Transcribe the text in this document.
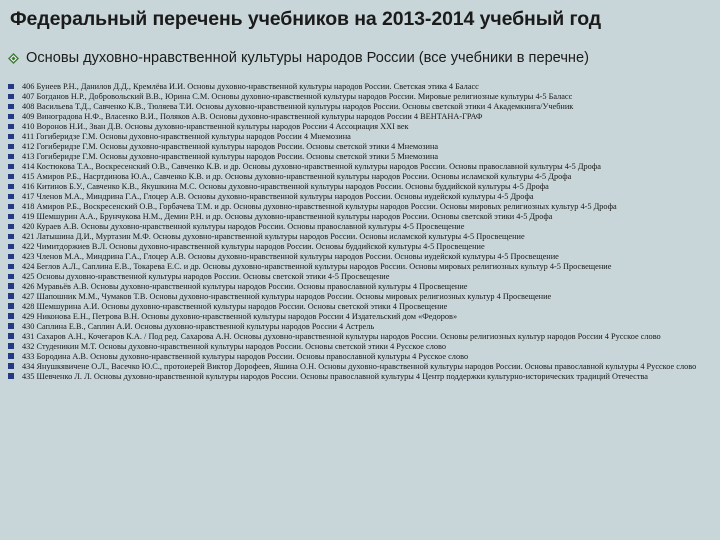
Федеральный перечень учебников на 2013-2014 учебный год
Основы духовно-нравственной культуры народов России (все учебники в перечне)
406 Бунеев Р.Н., Данилов Д.Д., Кремлёва И.И. Основы духовно-нравственной культуры народов России. Светская этика 4 Баласс
407 Богданов Н.Р., Добровольский В.В., Юрина С.М. Основы духовно-нравственной культуры народов России. Мировые религиозные культуры 4-5 Баласс
408 Васильева Т.Д., Савченко К.В., Тюляева Т.И. Основы духовно-нравственной культуры народов России. Основы светской этики 4 Академкнига/Учебник
409 Виноградова Н.Ф., Власенко В.И., Поляков А.В. Основы духовно-нравственной культуры народов России 4 ВЕНТАНА-ГРАФ
410 Воронов Н.И., Зван Д.В. Основы духовно-нравственной культуры народов России 4 Ассоциация XXI век
411 Гогиберидзе Г.М. Основы духовно-нравственной культуры народов России 4 Мнемозина
412 Гогиберидзе Г.М. Основы духовно-нравственной культуры народов России. Основы светской этики 4 Мнемозина
413 Гогиберидзе Г.М. Основы духовно-нравственной культуры народов России. Основы светской этики 5 Мнемозина
414 Костюкова Т.А., Воскресенский О.В., Савченко К.В. и др. Основы духовно-нравственной культуры народов России. Основы православной культуры 4-5 Дрофа
415 Амиров Р.Б., Насртдинова Ю.А., Савченко К.В. и др. Основы духовно-нравственной культуры народов России. Основы исламской культуры 4-5 Дрофа
416 Китинов Б.У., Савченко К.В., Якушкина М.С. Основы духовно-нравственной культуры народов России. Основы буддийской культуры 4-5 Дрофа
417 Членов М.А., Миндрина Г.А., Глоцер А.В. Основы духовно-нравственной культуры народов России. Основы иудейской культуры 4-5 Дрофа
418 Амиров Р.Б., Воскресенский О.В., Горбачева Т.М. и др. Основы духовно-нравственной культуры народов России. Основы мировых религиозных культур 4-5 Дрофа
419 Шемшурин А.А., Брунчукова Н.М., Демин Р.Н. и др. Основы духовно-нравственной культуры народов России. Основы светской этики 4-5 Дрофа
420 Кураев А.В. Основы духовно-нравственной культуры народов России. Основы православной культуры 4-5 Просвещение
421 Латышина Д.И., Муртазин М.Ф. Основы духовно-нравственной культуры народов России. Основы исламской культуры 4-5 Просвещение
422 Чимитдоржиев В.Л. Основы духовно-нравственной культуры народов России. Основы буддийской культуры 4-5 Просвещение
423 Членов М.А., Миндрина Г.А., Глоцер А.В. Основы духовно-нравственной культуры народов России. Основы иудейской культуры 4-5 Просвещение
424 Беглов А.Л., Саплина Е.В., Токарева Е.С. и др. Основы духовно-нравственной культуры народов России. Основы мировых религиозных культур 4-5 Просвещение
425 Основы духовно-нравственной культуры народов России. Основы светской этики 4-5 Просвещение
426 Муравьёв А.В. Основы духовно-нравственной культуры народов России. Основы православной культуры 4 Просвещение
427 Шапошник М.М., Чумаков Т.В. Основы духовно-нравственной культуры народов России. Основы мировых религиозных культур 4 Просвещение
428 Шемшурина А.И. Основы духовно-нравственной культуры народов России. Основы светской этики 4 Просвещение
429 Никонова Е.Н., Петрова В.Н. Основы духовно-нравственной культуры народов России 4 Издательский дом «Федоров»
430 Саплина Е.В., Саплин А.И. Основы духовно-нравственной культуры народов России 4 Астрель
431 Сахаров А.Н., Кочегаров К.А. / Под ред. Сахарова А.Н. Основы духовно-нравственной культуры народов России. Основы религиозных культур народов России 4 Русское слово
432 Студеникин М.Т. Основы духовно-нравственной культуры народов России. Основы светской этики 4 Русское слово
433 Бородина А.В. Основы духовно-нравственной культуры народов России. Основы православной культуры 4 Русское слово
434 Янушкявичене О.Л., Васечко Ю.С., протоиерей Виктор Дорофеев, Яшина О.Н. Основы духовно-нравственной культуры народов России. Основы православной культуры 4 Русское слово
435 Шевченко Л. Л. Основы духовно-нравственной культуры народов России. Основы православной культуры 4 Центр поддержки культурно-исторических традиций Отечества
